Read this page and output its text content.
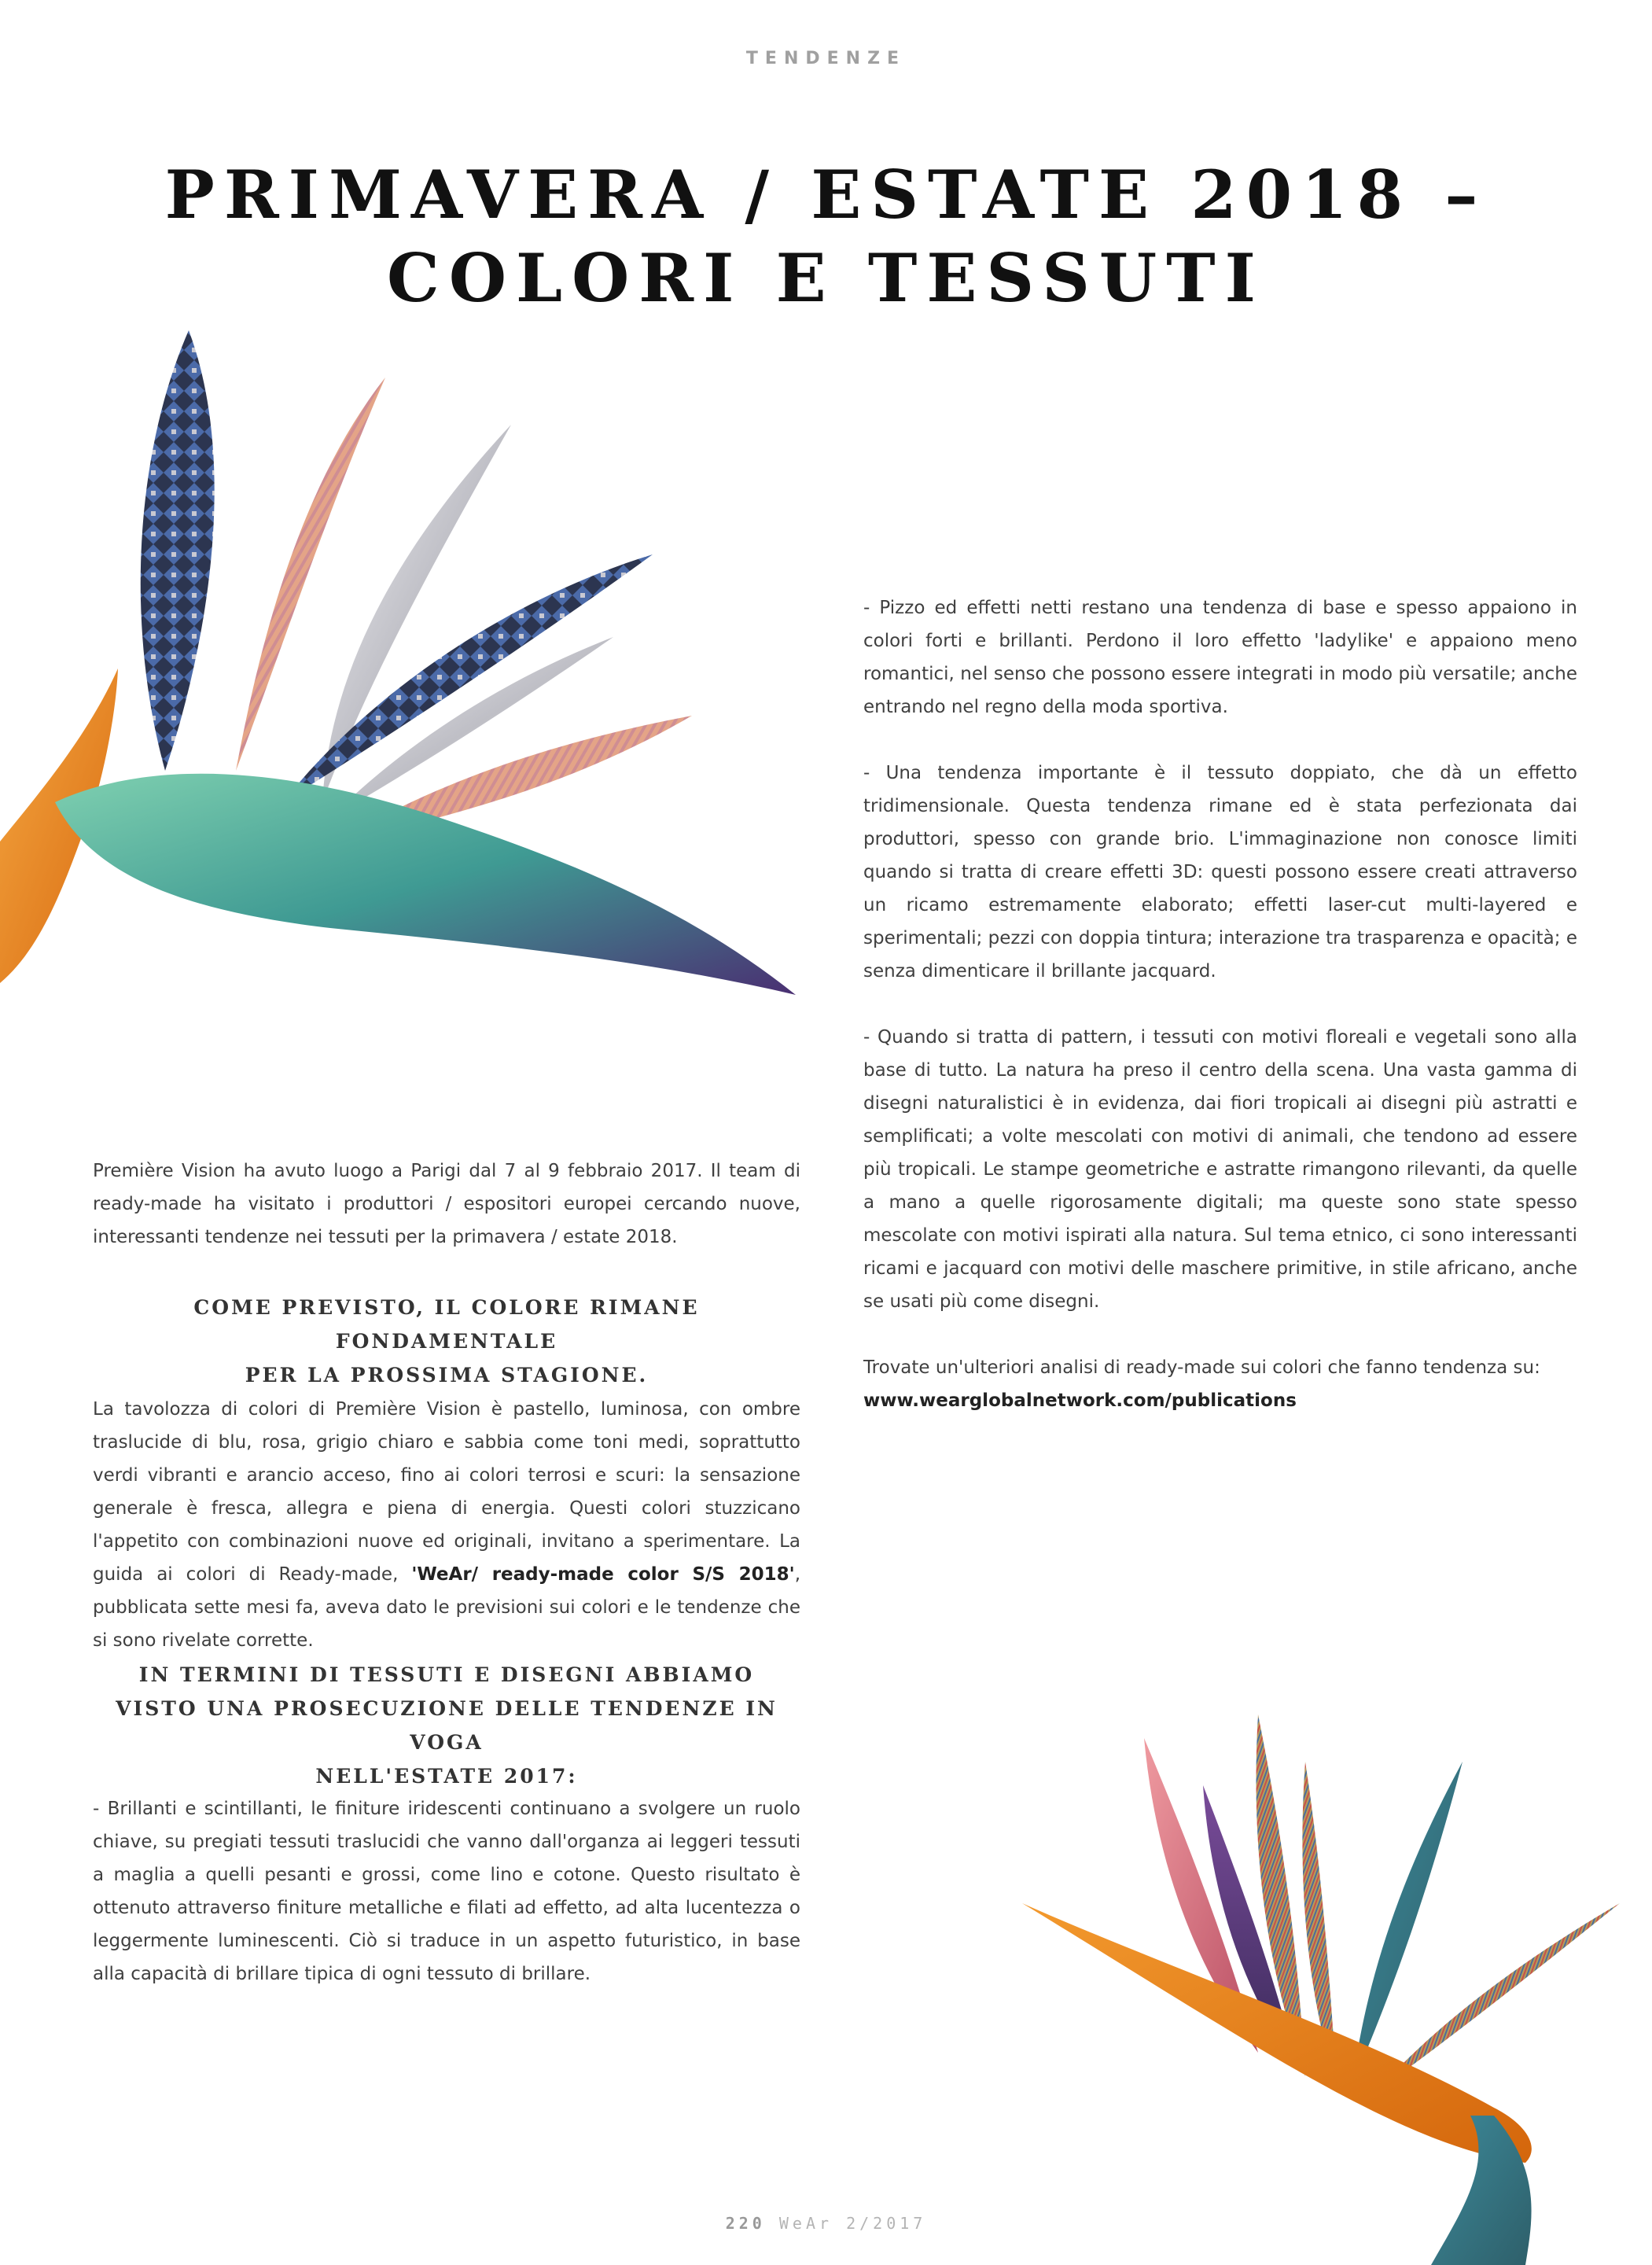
TENDENZE
PRIMAVERA / ESTATE 2018 –
COLORI E TESSUTI

Première Vision ha avuto luogo a Parigi dal 7 al 9 febbraio 2017. Il team di ready-made ha visitato i produttori / espositori europei cercando nuove, interessanti tendenze nei tessuti per la primavera / estate 2018.

COME PREVISTO, IL COLORE RIMANE FONDAMENTALE
PER LA PROSSIMA STAGIONE.

La tavolozza di colori di Première Vision è pastello, luminosa, con ombre traslucide di blu, rosa, grigio chiaro e sabbia come toni medi, soprattutto verdi vibranti e arancio acceso, fino ai colori terrosi e scuri: la sensazione generale è fresca, allegra e piena di energia. Questi colori stuzzicano l'appetito con combinazioni nuove ed originali, invitano a sperimentare. La guida ai colori di Ready-made, 'WeAr/ ready-made color S/S 2018', pubblicata sette mesi fa, aveva dato le previsioni sui colori e le tendenze che si sono rivelate corrette.

IN TERMINI DI TESSUTI E DISEGNI ABBIAMO
VISTO UNA PROSECUZIONE DELLE TENDENZE IN VOGA
NELL'ESTATE 2017:

- Brillanti e scintillanti, le finiture iridescenti continuano a svolgere un ruolo chiave, su pregiati tessuti traslucidi che vanno dall'organza ai leggeri tessuti a maglia a quelli pesanti e grossi, come lino e cotone. Questo risultato è ottenuto attraverso finiture metalliche e filati ad effetto, ad alta lucentezza o leggermente luminescenti. Ciò si traduce in un aspetto futuristico, in base alla capacità di brillare tipica di ogni tessuto di brillare.

- Pizzo ed effetti netti restano una tendenza di base e spesso appaiono in colori forti e brillanti. Perdono il loro effetto 'ladylike' e appaiono meno romantici, nel senso che possono essere integrati in modo più versatile; anche entrando nel regno della moda sportiva.

- Una tendenza importante è il tessuto doppiato, che dà un effetto tridimensionale. Questa tendenza rimane ed è stata perfezionata dai produttori, spesso con grande brio. L'immaginazione non conosce limiti quando si tratta di creare effetti 3D: questi possono essere creati attraverso un ricamo estremamente elaborato; effetti laser-cut multi-layered e sperimentali; pezzi con doppia tintura; interazione tra trasparenza e opacità; e senza dimenticare il brillante jacquard.

- Quando si tratta di pattern, i tessuti con motivi floreali e vegetali sono alla base di tutto. La natura ha preso il centro della scena. Una vasta gamma di disegni naturalistici è in evidenza, dai fiori tropicali ai disegni più astratti e semplificati; a volte mescolati con motivi di animali, che tendono ad essere più tropicali. Le stampe geometriche e astratte rimangono rilevanti, da quelle a mano a quelle rigorosamente digitali; ma queste sono state spesso mescolate con motivi ispirati alla natura. Sul tema etnico, ci sono interessanti ricami e jacquard con motivi delle maschere primitive, in stile africano, anche se usati più come disegni.

Trovate un'ulteriori analisi di ready-made sui colori che fanno tendenza su:

www.wearglobalnetwork.com/publications

220 WeAr 2/2017
